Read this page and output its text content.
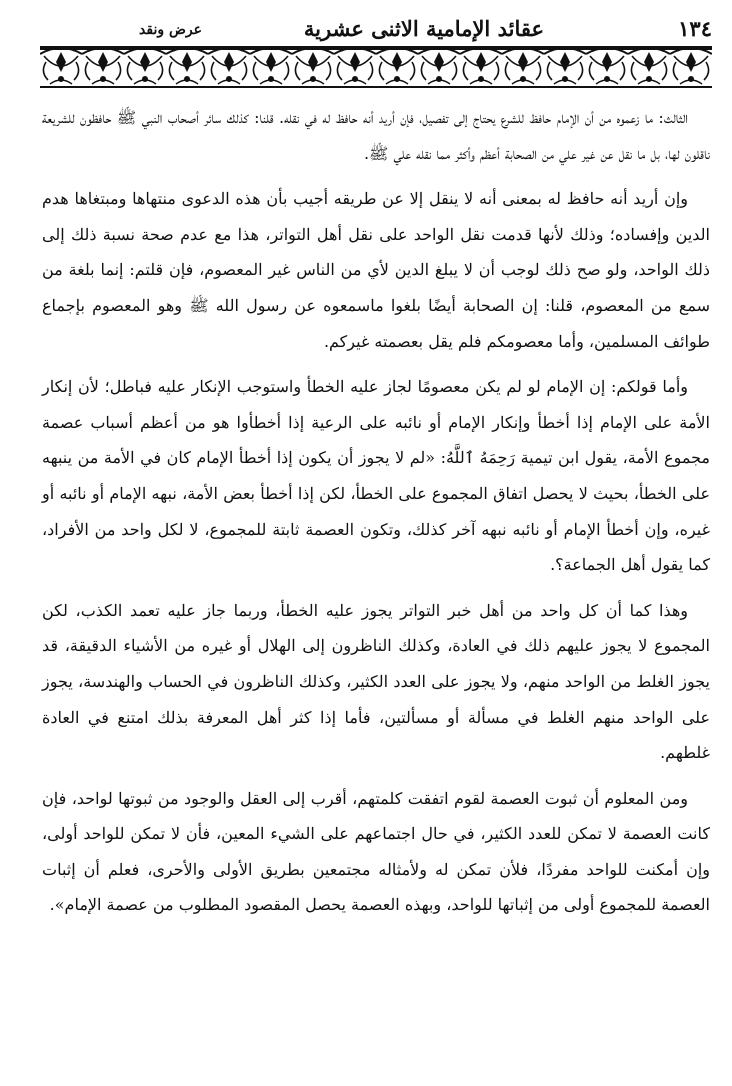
١٣٤
عقائد الإمامية الاثنى عشرية
عرض ونقد

الثالث: ما زعموه من أن الإمام حافظ للشرع يحتاج إلى تفصيل، فإن أريد أنه حافظ له في نقله. قلنا: كذلك سائر أصحاب النبي ﷺ حافظون للشريعة ناقلون لها، بل ما نقل عن غير علي من الصحابة أعظم وأكثر مما نقله علي ﷺ.

وإن أريد أنه حافظ له بمعنى أنه لا ينقل إلا عن طريقه أجيب بأن هذه الدعوى منتهاها ومبتغاها هدم الدين وإفساده؛ وذلك لأنها قدمت نقل الواحد على نقل أهل التواتر، هذا مع عدم صحة نسبة ذلك إلى ذلك الواحد، ولو صح ذلك لوجب أن لا يبلغ الدين لأي من الناس غير المعصوم، فإن قلتم: إنما بلغة من سمع من المعصوم، قلنا: إن الصحابة أيضًا بلغوا ماسمعوه عن رسول الله ﷺ وهو المعصوم بإجماع طوائف المسلمين، وأما معصومكم فلم يقل بعصمته غيركم.

وأما قولكم: إن الإمام لو لم يكن معصومًا لجاز عليه الخطأ واستوجب الإنكار عليه فباطل؛ لأن إنكار الأمة على الإمام إذا أخطأ وإنكار الإمام أو نائبه على الرعية إذا أخطأوا هو من أعظم أسباب عصمة مجموع الأمة، يقول ابن تيمية رَحِمَهُ ٱللَّهُ: «لم لا يجوز أن يكون إذا أخطأ الإمام كان في الأمة من ينبهه على الخطأ، بحيث لا يحصل اتفاق المجموع على الخطأ، لكن إذا أخطأ بعض الأمة، نبهه الإمام أو نائبه أو غيره، وإن أخطأ الإمام أو نائبه نبهه آخر كذلك، وتكون العصمة ثابتة للمجموع، لا لكل واحد من الأفراد، كما يقول أهل الجماعة؟.

وهذا كما أن كل واحد من أهل خبر التواتر يجوز عليه الخطأ، وربما جاز عليه تعمد الكذب، لكن المجموع لا يجوز عليهم ذلك في العادة، وكذلك الناظرون إلى الهلال أو غيره من الأشياء الدقيقة، قد يجوز الغلط من الواحد منهم، ولا يجوز على العدد الكثير، وكذلك الناظرون في الحساب والهندسة، يجوز على الواحد منهم الغلط في مسألة أو مسألتين، فأما إذا كثر أهل المعرفة بذلك امتنع في العادة غلطهم.

ومن المعلوم أن ثبوت العصمة لقوم اتفقت كلمتهم، أقرب إلى العقل والوجود من ثبوتها لواحد، فإن كانت العصمة لا تمكن للعدد الكثير، في حال اجتماعهم على الشيء المعين، فأن لا تمكن للواحد أولى، وإن أمكنت للواحد مفردًا، فلأن تمكن له ولأمثاله مجتمعين بطريق الأولى والأحرى، فعلم أن إثبات العصمة للمجموع أولى من إثباتها للواحد، وبهذه العصمة يحصل المقصود المطلوب من عصمة الإمام».
